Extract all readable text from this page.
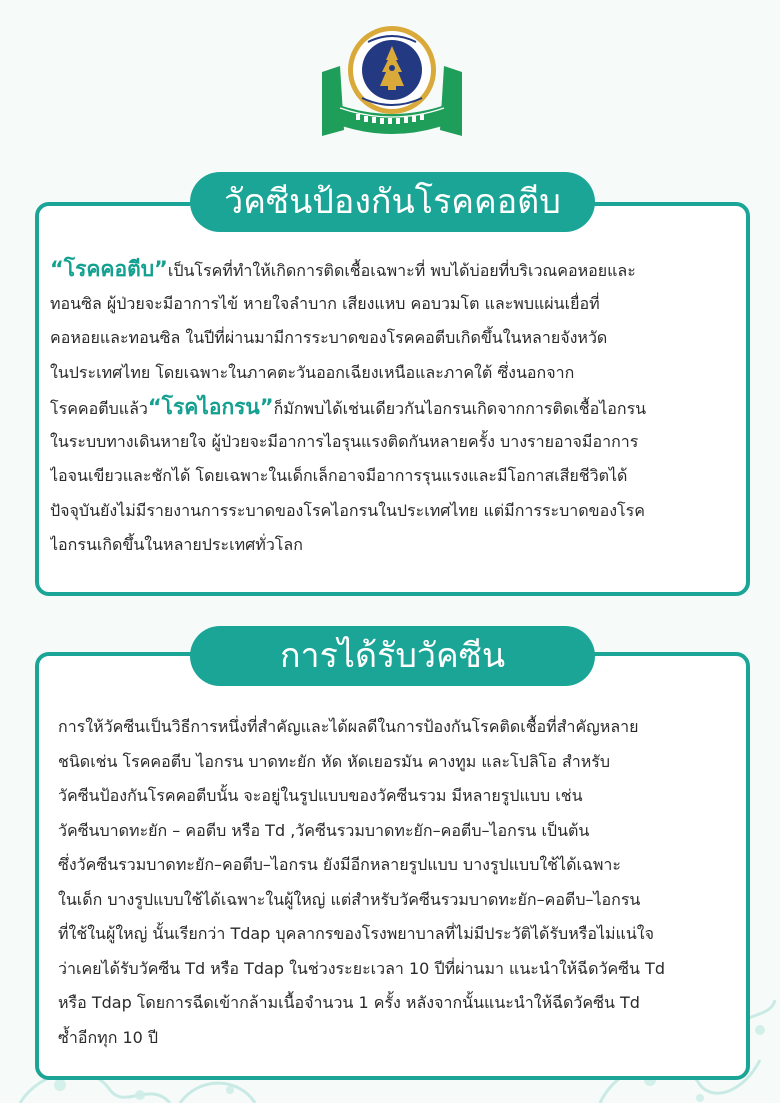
วัคซีนป้องกันโรคคอตีบ
“โรคคอตีบ”เป็นโรคที่ทำให้เกิดการติดเชื้อเฉพาะที่ พบได้บ่อยที่บริเวณคอหอยและ
ทอนซิล ผู้ป่วยจะมีอาการไข้ หายใจลำบาก เสียงแหบ คอบวมโต และพบแผ่นเยื่อที่
คอหอยและทอนซิล ในปีที่ผ่านมามีการระบาดของโรคคอตีบเกิดขึ้นในหลายจังหวัด
ในประเทศไทย โดยเฉพาะในภาคตะวันออกเฉียงเหนือและภาคใต้ ซึ่งนอกจาก
โรคคอตีบแล้ว“โรคไอกรน”ก็มักพบได้เช่นเดียวกันไอกรนเกิดจากการติดเชื้อไอกรน
ในระบบทางเดินหายใจ ผู้ป่วยจะมีอาการไอรุนแรงติดกันหลายครั้ง บางรายอาจมีอาการ
ไอจนเขียวและชักได้ โดยเฉพาะในเด็กเล็กอาจมีอาการรุนแรงและมีโอกาสเสียชีวิตได้
ปัจจุบันยังไม่มีรายงานการระบาดของโรคไอกรนในประเทศไทย แต่มีการระบาดของโรค
ไอกรนเกิดขึ้นในหลายประเทศทั่วโลก
การได้รับวัคซีน
การให้วัคซีนเป็นวิธีการหนึ่งที่สำคัญและได้ผลดีในการป้องกันโรคติดเชื้อที่สำคัญหลาย
ชนิดเช่น โรคคอตีบ ไอกรน บาดทะยัก หัด หัดเยอรมัน คางทูม และโปลิโอ สำหรับ
วัคซีนป้องกันโรคคอตีบนั้น จะอยู่ในรูปแบบของวัคซีนรวม มีหลายรูปแบบ เช่น
วัคซีนบาดทะยัก – คอตีบ หรือ Td ,วัคซีนรวมบาดทะยัก–คอตีบ–ไอกรน เป็นต้น
ซึ่งวัคซีนรวมบาดทะยัก–คอตีบ–ไอกรน ยังมีอีกหลายรูปแบบ บางรูปแบบใช้ได้เฉพาะ
ในเด็ก บางรูปแบบใช้ได้เฉพาะในผู้ใหญ่ แต่สำหรับวัคซีนรวมบาดทะยัก–คอตีบ–ไอกรน
ที่ใช้ในผู้ใหญ่ นั้นเรียกว่า Tdap บุคลากรของโรงพยาบาลที่ไม่มีประวัติได้รับหรือไม่แน่ใจ
ว่าเคยได้รับวัคซีน Td หรือ Tdap ในช่วงระยะเวลา 10 ปีที่ผ่านมา แนะนำให้ฉีดวัคซีน Td
หรือ Tdap โดยการฉีดเข้ากล้ามเนื้อจำนวน 1 ครั้ง หลังจากนั้นแนะนำให้ฉีดวัคซีน Td
ซ้ำอีกทุก 10 ปี
